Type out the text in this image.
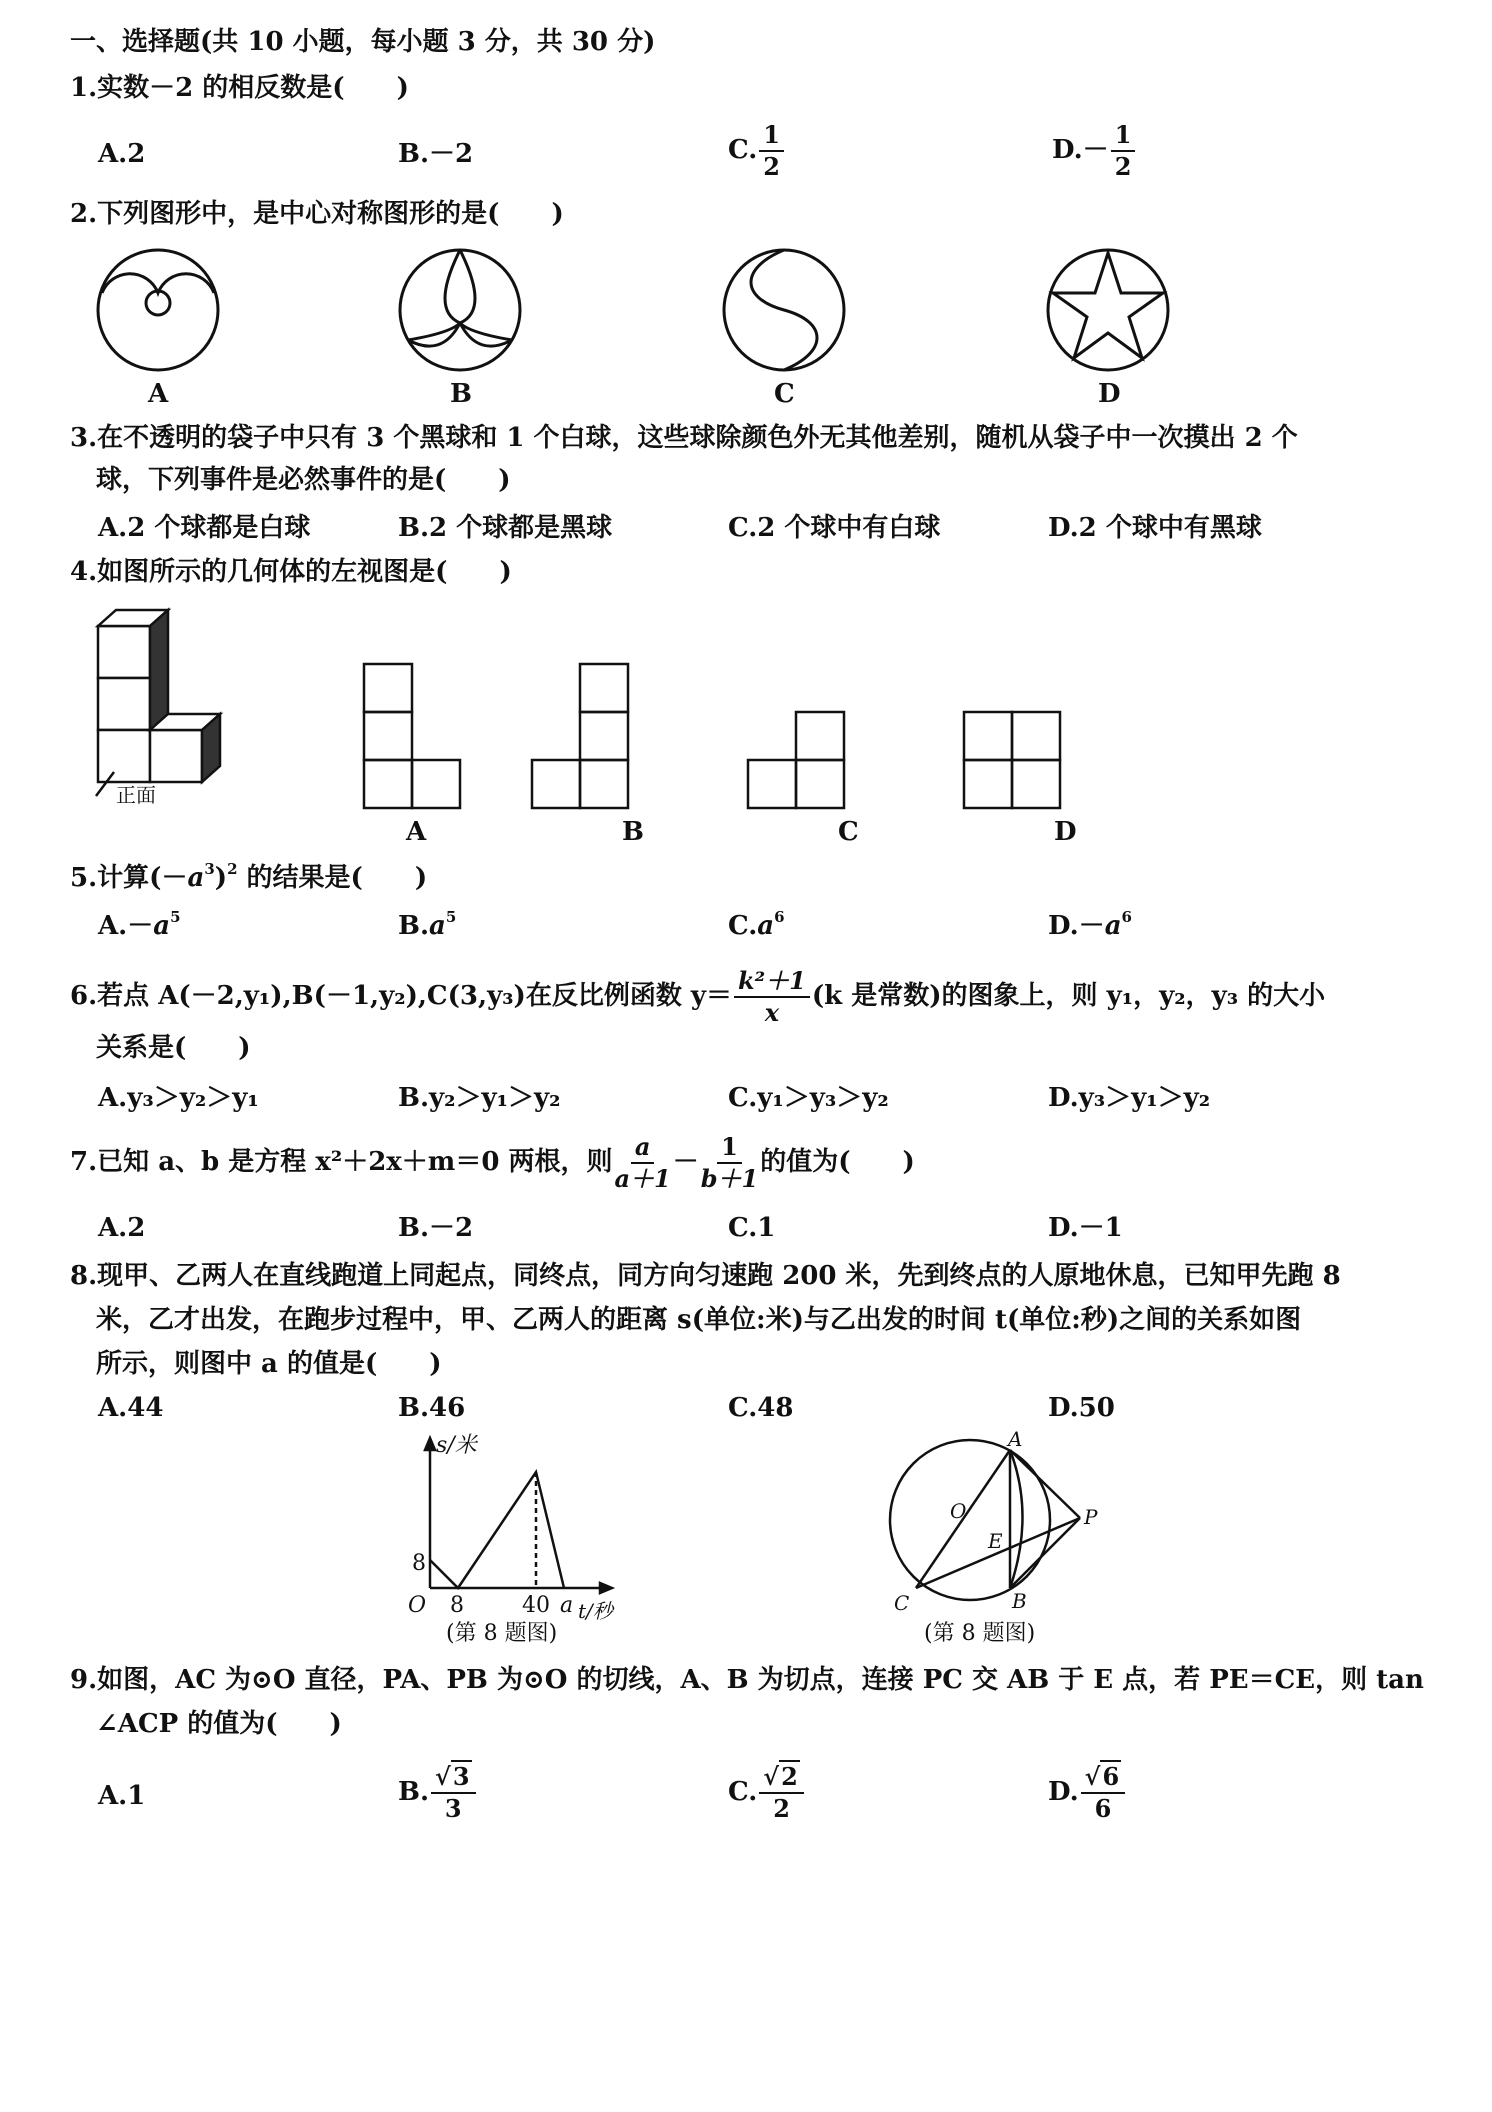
一、选择题(共 10 小题，每小题 3 分，共 30 分)
1.实数－2 的相反数是(　　)
A.2	B.－2	C. $\frac{1}{2}$	$D.- \frac{1}{2}$
2.下列图形中，是中心对称图形的是(　　)
A	B	C	D
3.在不透明的袋子中只有 3 个黑球和 1 个白球，这些球除颜色外无其他差别，随机从袋子中一次摸出 2 个
球，下列事件是必然事件的是(　　)
A.2 个球都是白球	B.2 个球都是黑球	C.2 个球中有白球	D.2 个球中有黑球
4.如图所示的几何体的左视图是(　　)
正面
A	B	C	D
5.计算$(-a^3)^2$ 的结果是(　　)
$A.-a^5$	$B.a^5$	$C.a^6$	$D.-a^6$
6.若点 A(－2,y₁),B(－1,y₂),C(3,y₃)在反比例函数 $y= \frac{\text{k²＋1}}{x} (k$ 是常数)的图象上，则 y₁，y₂，y₃ 的大小
关系是(　　)
A.y₃＞y₂＞y₁	B.y₂＞y₁＞y₂	C.y₁＞y₃＞y₂	D.y₃＞y₁＞y₂
7.已知 a、b 是方程 x²＋2x＋m＝0 两根，则 $\frac{a}{a+1} - \frac{1}{b+1}$ 的值为(　　)
A.2	B.－2	C.1	D.－1
8.现甲、乙两人在直线跑道上同起点，同终点，同方向匀速跑 200 米，先到终点的人原地休息，已知甲先跑 8
米，乙才出发，在跑步过程中，甲、乙两人的距离 s(单位:米)与乙出发的时间 t(单位:秒)之间的关系如图
所示，则图中 a 的值是(　　)
A.44	B.46	C.48	D.50
s/米
O
8
8	40 a t/秒
(第 8 题图)
A
B
C
O
E
P
(第 8 题图)
9.如图，AC 为⊙O 直径，PA、PB 为⊙O 的切线，A、B 为切点，连接 PC 交 AB 于 E 点，若 PE＝CE，则 tan
∠ACP 的值为(　　)
A.1	B. $\frac{√3}{3}$	C. $\frac{√2}{2}$	D. $\frac{√6}{6}$
